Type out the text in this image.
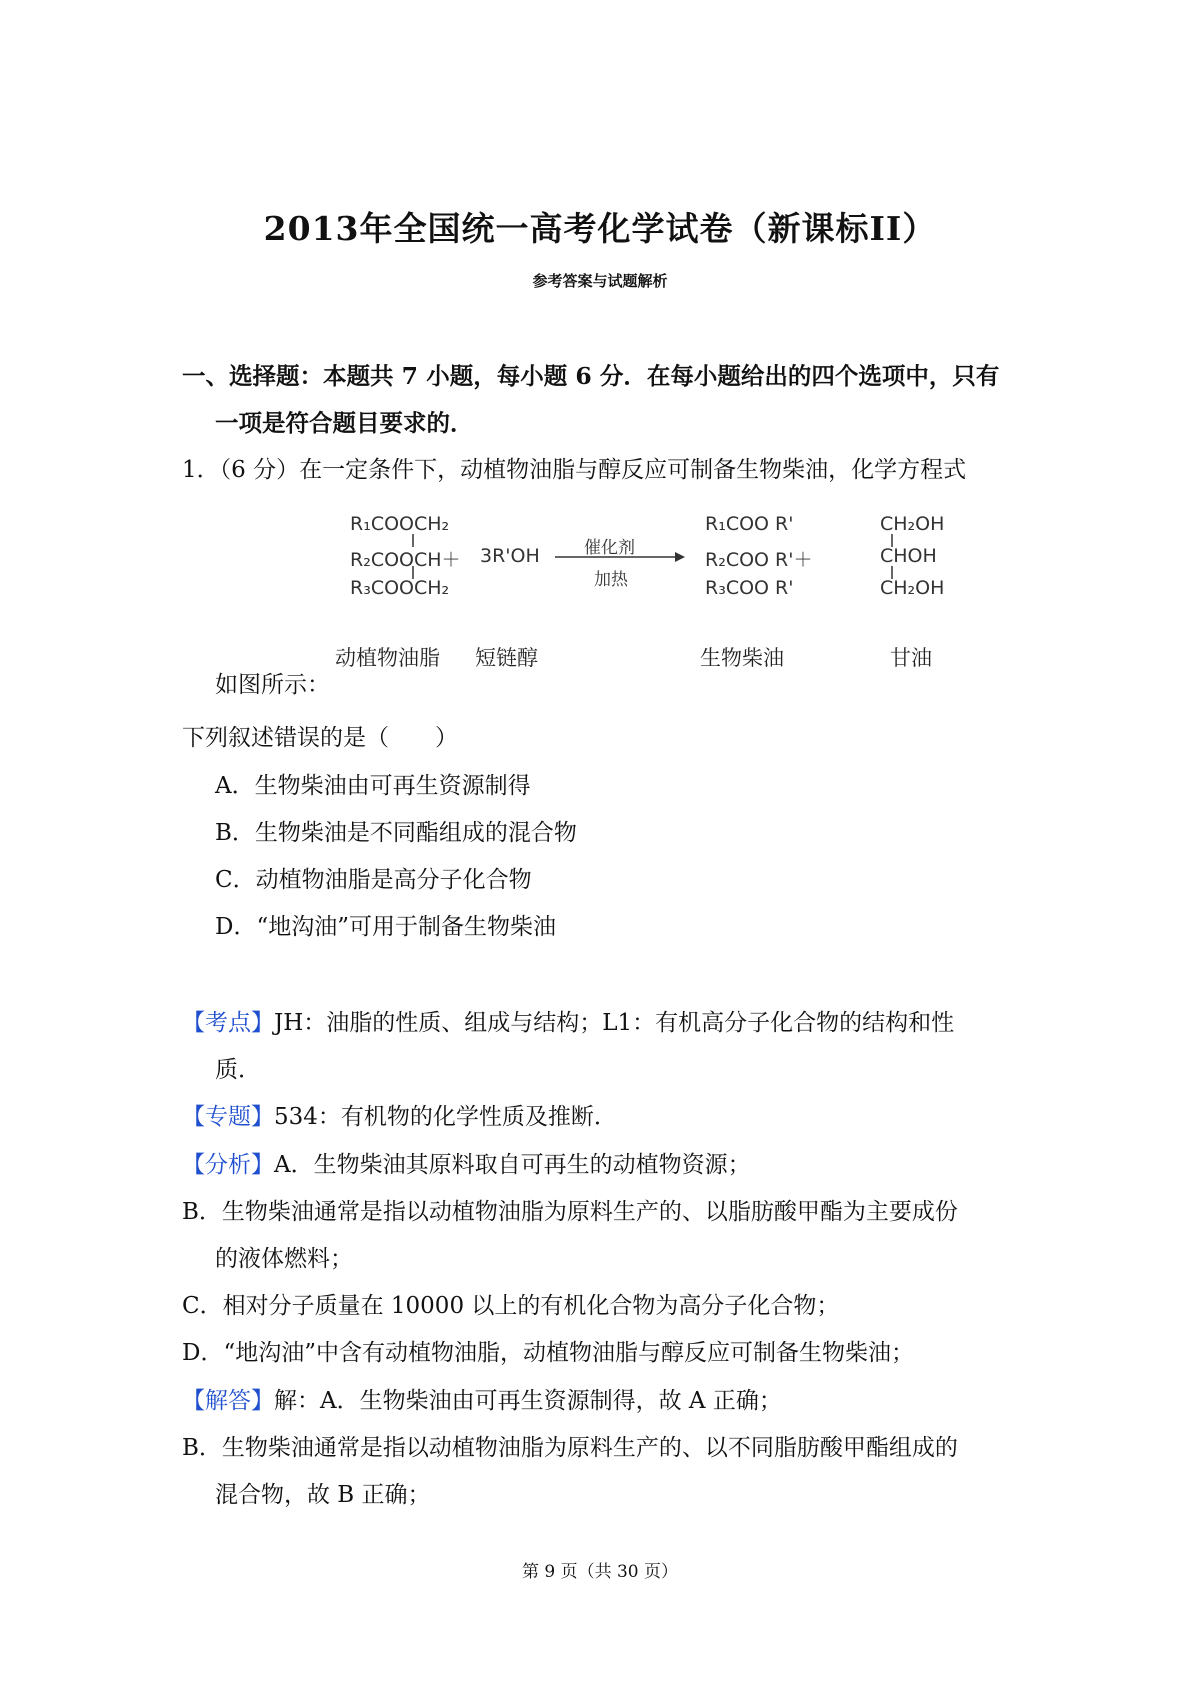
2013年全国统一高考化学试卷（新课标II）
参考答案与试题解析
一、选择题：本题共 7 小题，每小题 6 分．在每小题给出的四个选项中，只有
一项是符合题目要求的．
1．（6 分）在一定条件下，动植物油脂与醇反应可制备生物柴油，化学方程式
R₁COOCH₂
R₂COOCH＋
R₃COOCH₂
3R'OH	催化剂
加热
R₁COO R'
R₂COO R'＋
R₃COO R'
CH₂OH
CHOH
CH₂OH
动植物油脂 短链醇	生物柴油	甘油
如图所示：
下列叙述错误的是（　　）
A．生物柴油由可再生资源制得
B．生物柴油是不同酯组成的混合物
C．动植物油脂是高分子化合物
D．“地沟油”可用于制备生物柴油
【考点】JH：油脂的性质、组成与结构；L1：有机高分子化合物的结构和性
质．
【专题】534：有机物的化学性质及推断．
【分析】A．生物柴油其原料取自可再生的动植物资源；
B．生物柴油通常是指以动植物油脂为原料生产的、以脂肪酸甲酯为主要成份
的液体燃料；
C．相对分子质量在 10000 以上的有机化合物为高分子化合物；
D．“地沟油”中含有动植物油脂，动植物油脂与醇反应可制备生物柴油；
【解答】解：A．生物柴油由可再生资源制得，故 A 正确；
B．生物柴油通常是指以动植物油脂为原料生产的、以不同脂肪酸甲酯组成的
混合物，故 B 正确；
第 9 页（共 30 页）
